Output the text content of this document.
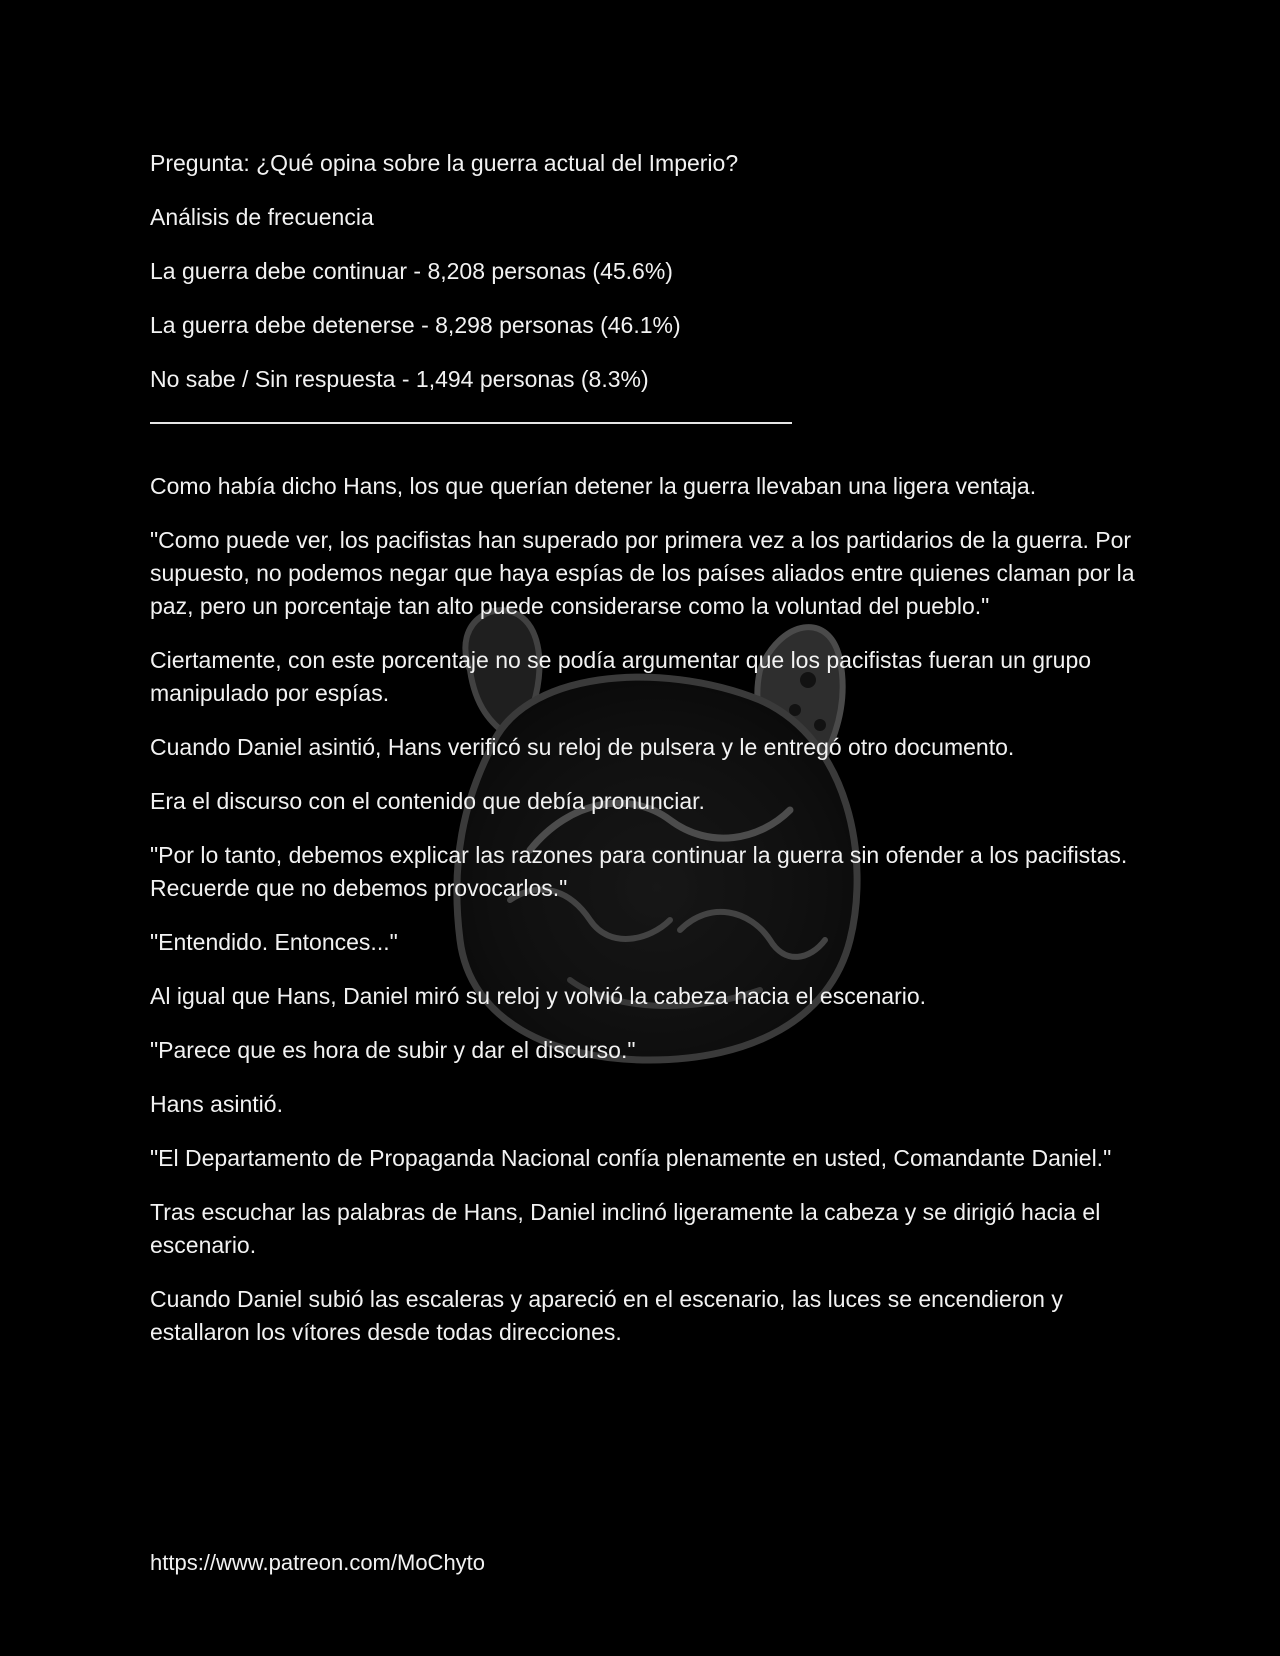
Pregunta: ¿Qué opina sobre la guerra actual del Imperio?

Análisis de frecuencia

La guerra debe continuar - 8,208 personas (45.6%)

La guerra debe detenerse - 8,298 personas (46.1%)

No sabe / Sin respuesta - 1,494 personas (8.3%)

Como había dicho Hans, los que querían detener la guerra llevaban una ligera ventaja.

"Como puede ver, los pacifistas han superado por primera vez a los partidarios de la guerra. Por supuesto, no podemos negar que haya espías de los países aliados entre quienes claman por la paz, pero un porcentaje tan alto puede considerarse como la voluntad del pueblo."

Ciertamente, con este porcentaje no se podía argumentar que los pacifistas fueran un grupo manipulado por espías.

Cuando Daniel asintió, Hans verificó su reloj de pulsera y le entregó otro documento.

Era el discurso con el contenido que debía pronunciar.

"Por lo tanto, debemos explicar las razones para continuar la guerra sin ofender a los pacifistas. Recuerde que no debemos provocarlos."

"Entendido. Entonces..."

Al igual que Hans, Daniel miró su reloj y volvió la cabeza hacia el escenario.

"Parece que es hora de subir y dar el discurso."

Hans asintió.

"El Departamento de Propaganda Nacional confía plenamente en usted, Comandante Daniel."

Tras escuchar las palabras de Hans, Daniel inclinó ligeramente la cabeza y se dirigió hacia el escenario.

Cuando Daniel subió las escaleras y apareció en el escenario, las luces se encendieron y estallaron los vítores desde todas direcciones.

https://www.patreon.com/MoChyto
